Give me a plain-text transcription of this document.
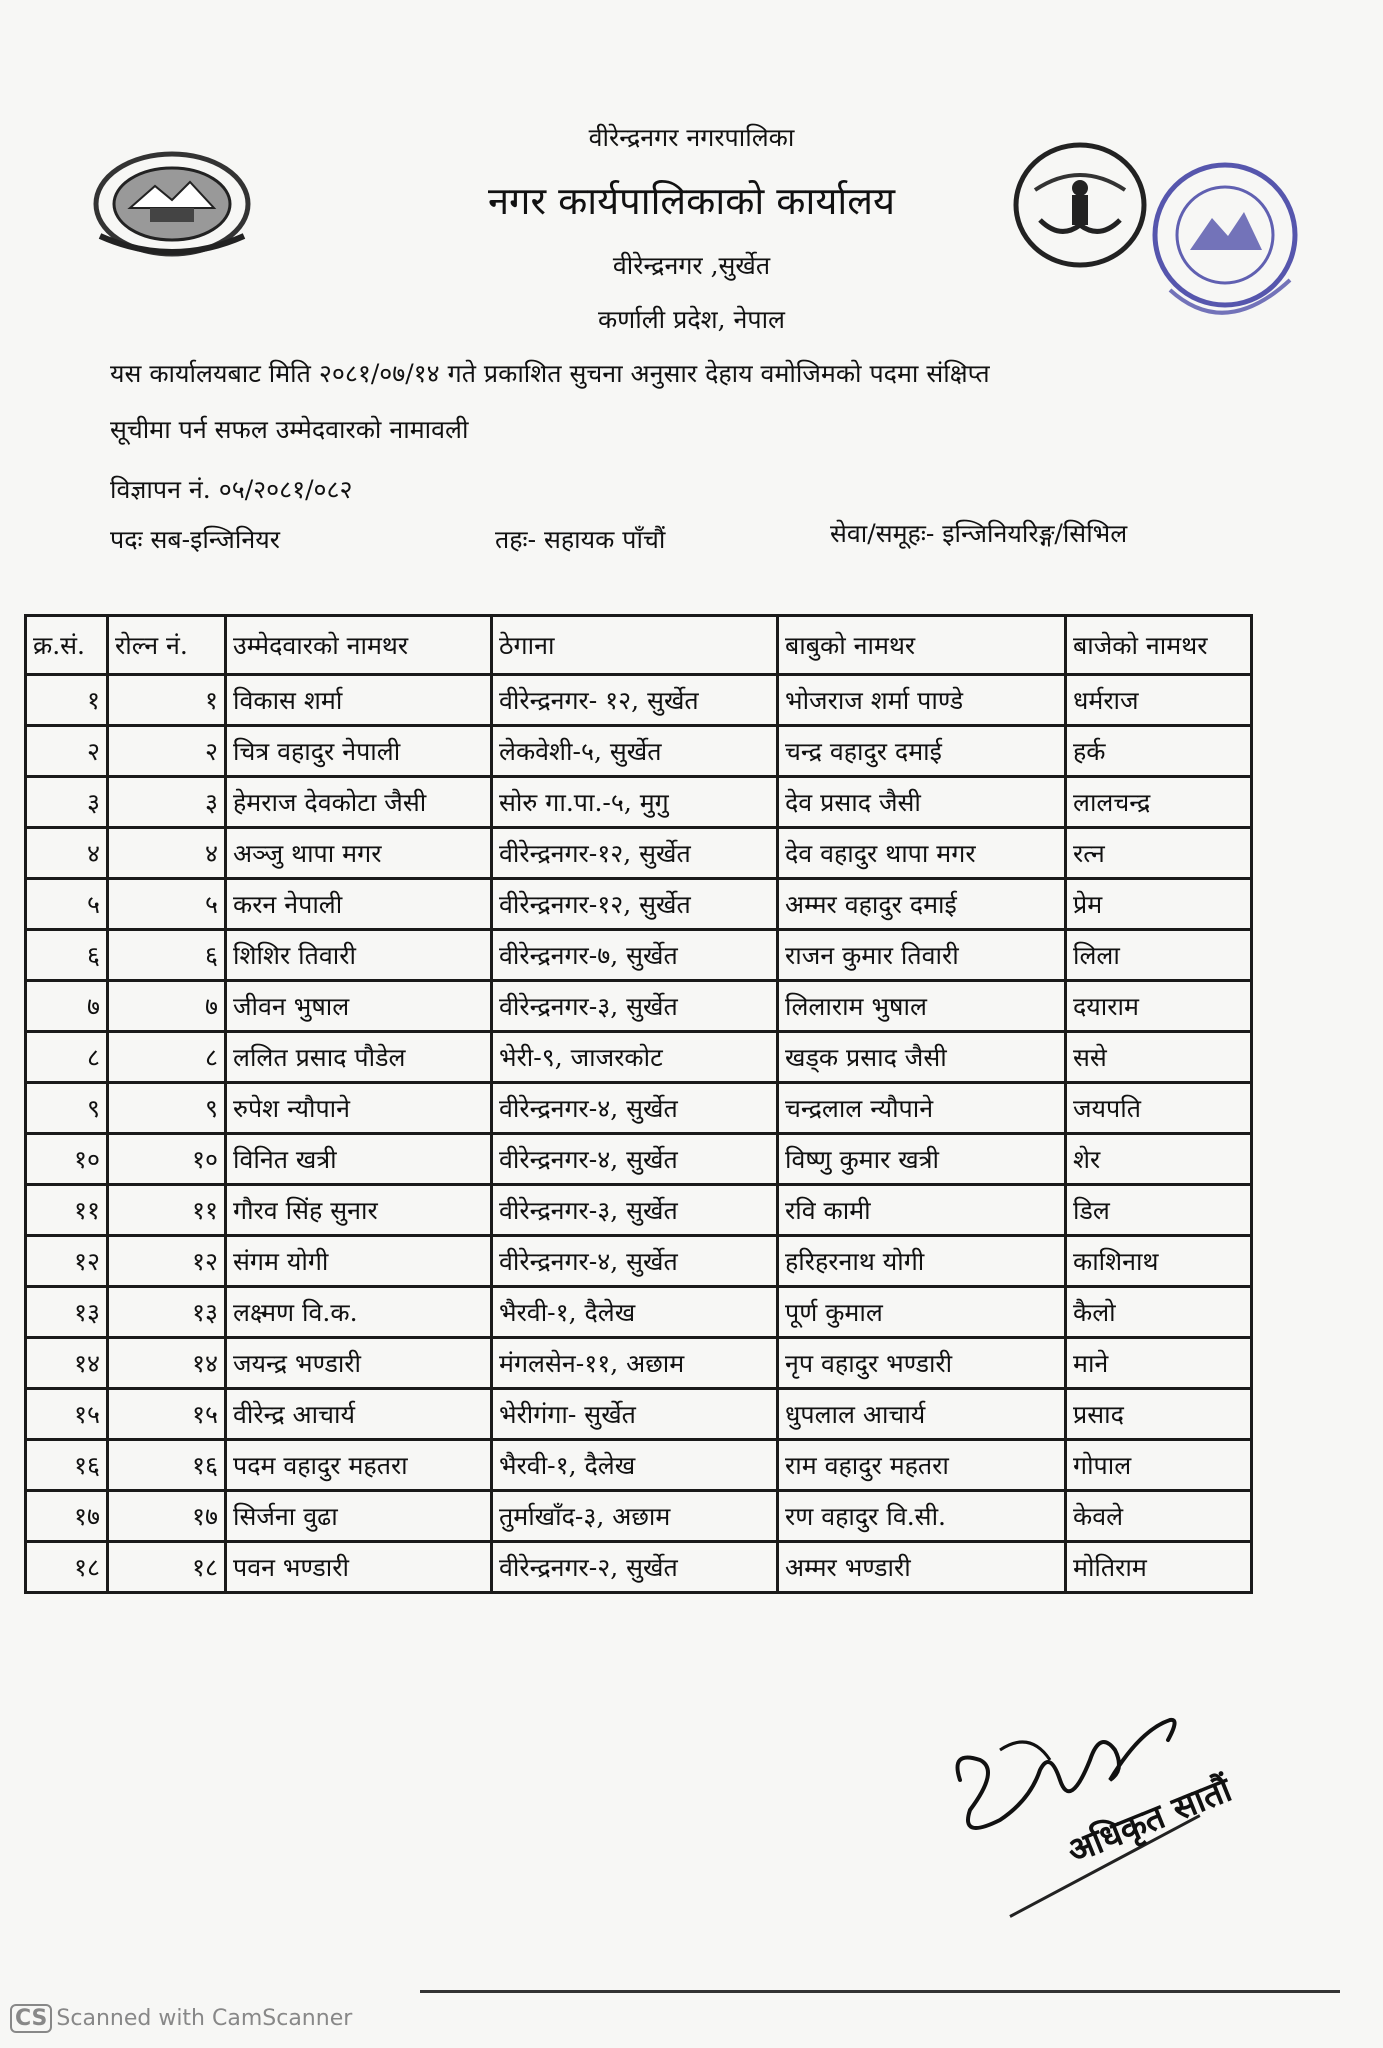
वीरेन्द्रनगर नगरपालिका
नगर कार्यपालिकाको कार्यालय
वीरेन्द्रनगर ,सुर्खेत
कर्णाली प्रदेश, नेपाल
यस कार्यालयबाट मिति २०८१/०७/१४ गते प्रकाशित सुचना अनुसार देहाय वमोजिमको पदमा संक्षिप्त
सूचीमा पर्न सफल उम्मेदवारको नामावली
विज्ञापन नं. ०५/२०८१/०८२
पदः सब-इन्जिनियर	तहः- सहायक पाँचौं	सेवा/समूहः- इन्जिनियरिङ्ग/सिभिल
क्र.सं.	रोल्न नं.	उम्मेदवारको नामथर	ठेगाना	बाबुको नामथर	बाजेको नामथर
१	१	विकास शर्मा	वीरेन्द्रनगर- १२, सुर्खेत	भोजराज शर्मा पाण्डे	धर्मराज
२	२	चित्र वहादुर नेपाली	लेकवेशी-५, सुर्खेत	चन्द्र वहादुर दमाई	हर्क
३	३	हेमराज देवकोटा जैसी	सोरु गा.पा.-५, मुगु	देव प्रसाद जैसी	लालचन्द्र
४	४	अञ्जु थापा मगर	वीरेन्द्रनगर-१२, सुर्खेत	देव वहादुर थापा मगर	रत्न
५	५	करन नेपाली	वीरेन्द्रनगर-१२, सुर्खेत	अम्मर वहादुर दमाई	प्रेम
६	६	शिशिर तिवारी	वीरेन्द्रनगर-७, सुर्खेत	राजन कुमार तिवारी	लिला
७	७	जीवन भुषाल	वीरेन्द्रनगर-३, सुर्खेत	लिलाराम भुषाल	दयाराम
८	८	ललित प्रसाद पौडेल	भेरी-९, जाजरकोट	खड्क प्रसाद जैसी	ससे
९	९	रुपेश न्यौपाने	वीरेन्द्रनगर-४, सुर्खेत	चन्द्रलाल न्यौपाने	जयपति
१०	१०	विनित खत्री	वीरेन्द्रनगर-४, सुर्खेत	विष्णु कुमार खत्री	शेर
११	११	गौरव सिंह सुनार	वीरेन्द्रनगर-३, सुर्खेत	रवि कामी	डिल
१२	१२	संगम योगी	वीरेन्द्रनगर-४, सुर्खेत	हरिहरनाथ योगी	काशिनाथ
१३	१३	लक्ष्मण वि.क.	भैरवी-१, दैलेख	पूर्ण कुमाल	कैलो
१४	१४	जयन्द्र भण्डारी	मंगलसेन-११, अछाम	नृप वहादुर भण्डारी	माने
१५	१५	वीरेन्द्र आचार्य	भेरीगंगा- सुर्खेत	धुपलाल आचार्य	प्रसाद
१६	१६	पदम वहादुर महतरा	भैरवी-१, दैलेख	राम वहादुर महतरा	गोपाल
१७	१७	सिर्जना वुढा	तुर्माखाँद-३, अछाम	रण वहादुर वि.सी.	केवले
१८	१८	पवन भण्डारी	वीरेन्द्रनगर-२, सुर्खेत	अम्मर भण्डारी	मोतिराम
अधिकृत सातौं
CS Scanned with CamScanner
